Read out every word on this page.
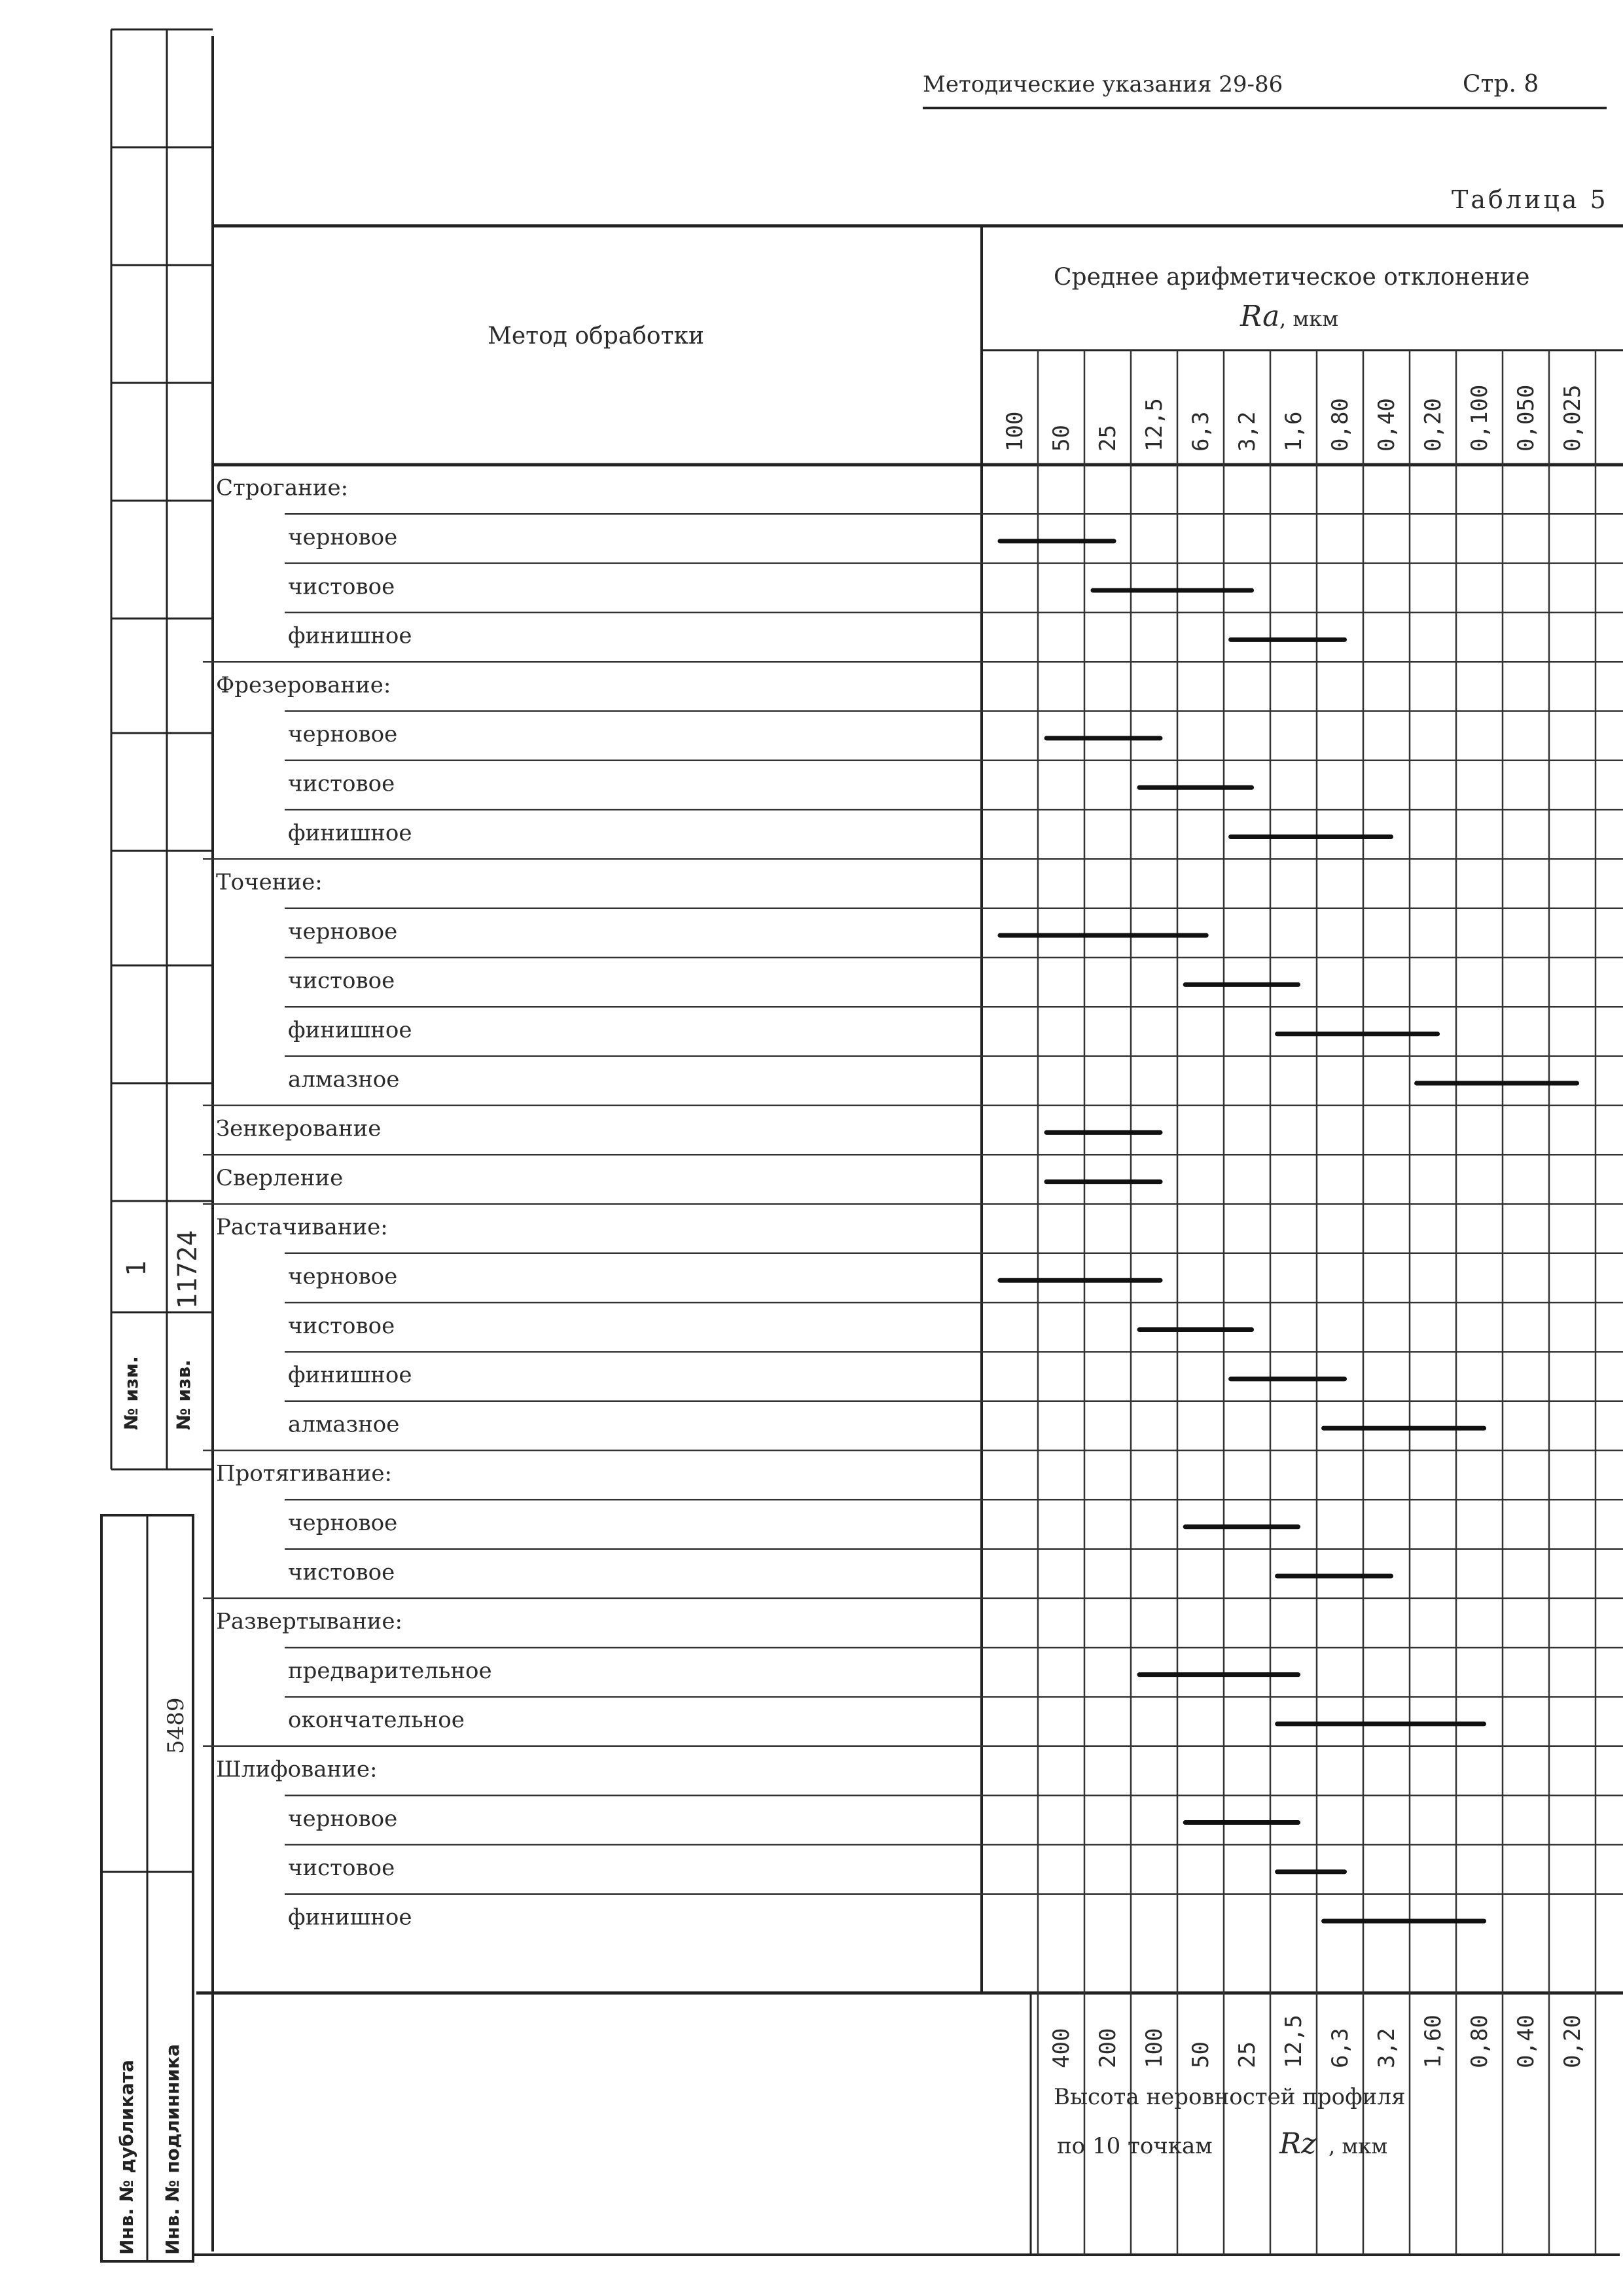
Методические указания 29-86	Стр. 8
Таблица 5
№ изм.
1
№ изв.
11724
Инв. № дубликата Инв. № подлинника
5489
Метод обработки
Среднее арифметическое отклонение
Ra , мкм
100 50 25 12,5 6,3 3,2 1,6 0,80 0,40 0,20 0,100 0,050 0,025
400 200 100 50 25 12,5 6,3 3,2 1,60 0,80 0,40 0,20
Строгание:
черновое
чистовое
финишное
Фрезерование:
черновое
чистовое
финишное
Точение:
черновое
чистовое
финишное
алмазное
Зенкерование
Сверление
Растачивание:
черновое
чистовое
финишное
алмазное
Протягивание:
черновое
чистовое
Развертывание:
предварительное
окончательное
Шлифование:
черновое
чистовое
финишное
Высота неровностей профиля
по 10 точкам Rz , мкм
